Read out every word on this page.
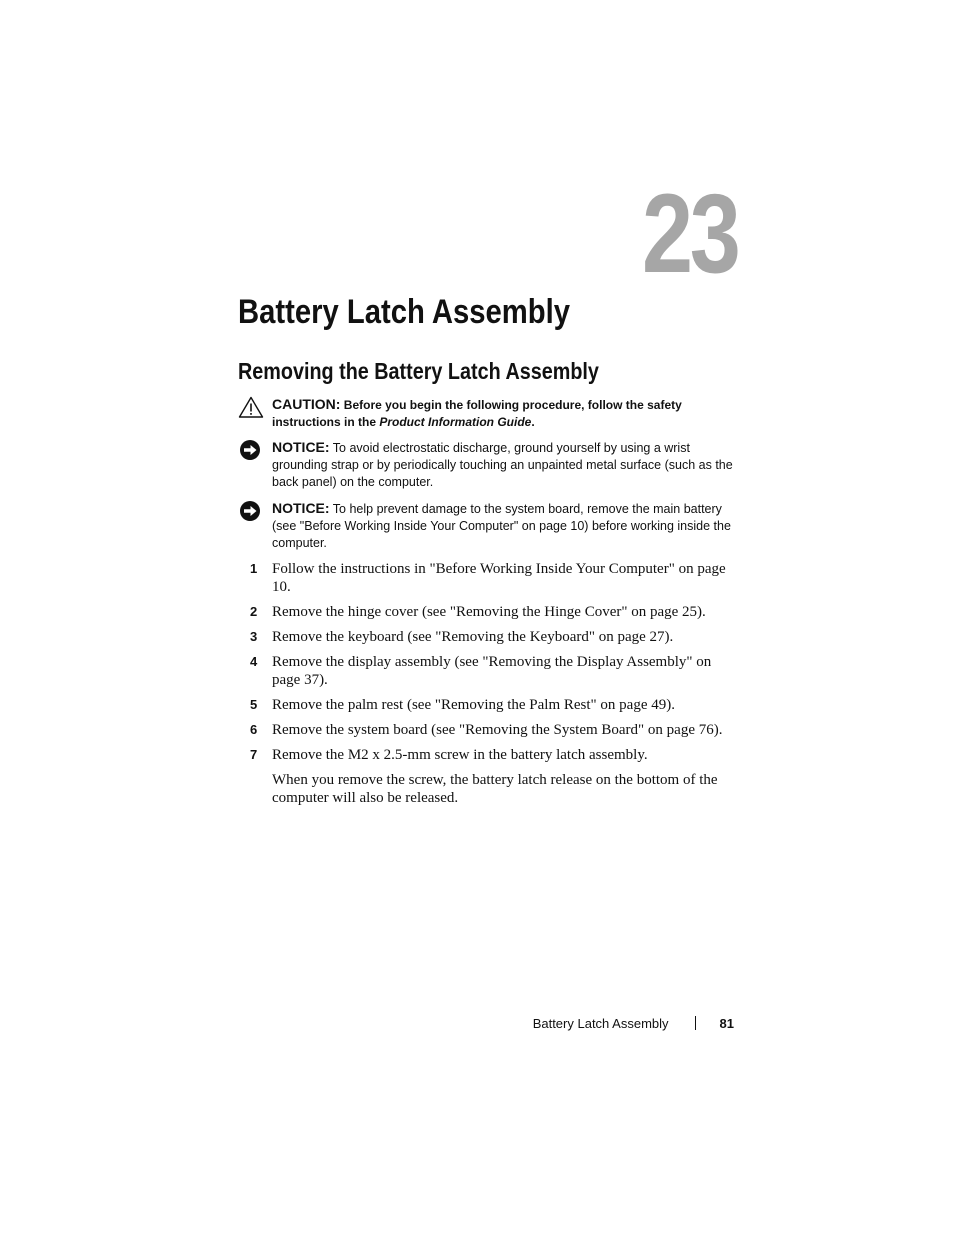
23
Battery Latch Assembly
Removing the Battery Latch Assembly
CAUTION: Before you begin the following procedure, follow the safety instructions in the Product Information Guide.
NOTICE: To avoid electrostatic discharge, ground yourself by using a wrist grounding strap or by periodically touching an unpainted metal surface (such as the back panel) on the computer.
NOTICE: To help prevent damage to the system board, remove the main battery (see "Before Working Inside Your Computer" on page 10) before working inside the computer.
1 Follow the instructions in "Before Working Inside Your Computer" on page 10.
2 Remove the hinge cover (see "Removing the Hinge Cover" on page 25).
3 Remove the keyboard (see "Removing the Keyboard" on page 27).
4 Remove the display assembly (see "Removing the Display Assembly" on page 37).
5 Remove the palm rest (see "Removing the Palm Rest" on page 49).
6 Remove the system board (see "Removing the System Board" on page 76).
7 Remove the M2 x 2.5-mm screw in the battery latch assembly.
When you remove the screw, the battery latch release on the bottom of the computer will also be released.
Battery Latch Assembly	81
